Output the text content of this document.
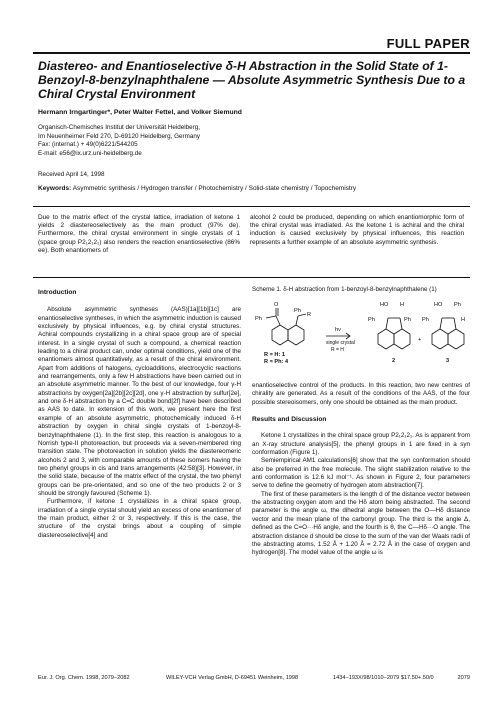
FULL PAPER
Diastereo- and Enantioselective δ-H Abstraction in the Solid State of 1-Benzoyl-8-benzylnaphthalene — Absolute Asymmetric Synthesis Due to a Chiral Crystal Environment
Hermann Irngartinger*, Peter Walter Fettel, and Volker Siemund
Organisch-Chemisches Institut der Universität Heidelberg,
Im Neuenheimer Feld 270, D-69120 Heidelberg, Germany
Fax: (internat.) + 49(0)6221/544205
E-mail: e56@ix.urz.uni-heidelberg.de
Received April 14, 1998
Keywords: Asymmetric synthesis / Hydrogen transfer / Photochemistry / Solid-state chemistry / Topochemistry
Due to the matrix effect of the crystal lattice, irradiation of ketone 1 yields 2 diastereoselectively as the main product (97% de). Furthermore, the chiral crystal environment in single crystals of 1 (space group P2₁2₁2₁) also renders the reaction enantioselective (86% ee). Both enantiomers of
alcohol 2 could be produced, depending on which enantiomorphic form of the chiral crystal was irradiated. As the ketone 1 is achiral and the chiral induction is caused exclusively by physical influences, this reaction represents a further example of an absolute asymmetric synthesis.

Introduction

Absolute asymmetric syntheses (AAS)[1a][1b][1c] are enantioselective syntheses, in which the asymmetric induction is caused exclusively by physical influences, e.g. by chiral crystal structures. Achiral compounds crystallizing in a chiral space group are of special interest. In a single crystal of such a compound, a chemical reaction leading to a chiral product can, under optimal conditions, yield one of the enantiomers almost quantitatively, as a result of the chiral environment. Apart from additions of halogens, cycloadditions, electrocyclic reactions and rearrangements, only a few H abstractions have been carried out in an absolute asymmetric manner. To the best of our knowledge, four γ-H abstractions by oxygen[2a][2b][2c][2d], one γ-H abstraction by sulfur[2e], and one δ-H abstraction by a C=C double bond[2f] have been described as AAS to date. In extension of this work, we present here the first example of an absolute asymmetric, photochemically induced δ-H abstraction by oxygen in chiral single crystals of 1-benzoyl-8-benzylnaphthalene (1). In the first step, this reaction is analogous to a Norrish type-II photoreaction, but proceeds via a seven-membered ring transition state. The photoreaction in solution yields the diastereomeric alcohols 2 and 3, with comparable amounts of these isomers having the two phenyl groups in cis and trans arrangements (42:58)[3]. However, in the solid state, because of the matrix effect of the crystal, the two phenyl groups can be pre-orientated, and so one of the two products 2 or 3 should be strongly favoured (Scheme 1).

Furthermore, if ketone 1 crystallizes in a chiral space group, irradiation of a single crystal should yield an excess of one enantiomer of the main product, either 2 or 3, respectively. If this is the case, the structure of the crystal brings about a coupling of simple diastereoselective[4] and

Scheme 1. δ-H abstraction from 1-benzoyl-8-benzylnaphthalene (1)
O
Ph
R
Ph
hν
single crystal
R = H
HO H
Ph	Ph
+
HO Ph
Ph	H
R = H: 1
R = Ph: 4	2	3

enantioselective control of the products. In this reaction, two new centres of chirality are generated. As a result of the conditions of the AAS, of the four possible stereoisomers, only one should be obtained as the main product.

Results and Discussion

Ketone 1 crystallizes in the chiral space group P2₁2₁2₁. As is apparent from an X-ray structure analysis[5], the phenyl groups in 1 are fixed in a syn conformation (Figure 1).

Semiempirical AM1 calculations[6] show that the syn conformation should also be preferred in the free molecule. The slight stabilization relative to the anti conformation is 12.6 kJ mol⁻¹. As shown in Figure 2, four parameters serve to define the geometry of hydrogen atom abstraction[7].

The first of these parameters is the length d of the distance vector between the abstracting oxygen atom and the Hδ atom being abstracted. The second parameter is the angle ω, the dihedral angle between the O—Hδ distance vector and the mean plane of the carbonyl group. The third is the angle Δ, defined as the C=O···Hδ angle, and the fourth is θ, the C—Hδ···O angle. The abstraction distance d should be close to the sum of the van der Waals radii of the abstracting atoms, 1.52 Å + 1.20 Å = 2.72 Å in the case of oxygen and hydrogen[8]. The model value of the angle ω is

Eur. J. Org. Chem. 1998, 2079−2082	WILEY-VCH Verlag GmbH, D-69451 Weinheim, 1998	1434−193X/98/1010−2079 $17.50+.50/0	2079
